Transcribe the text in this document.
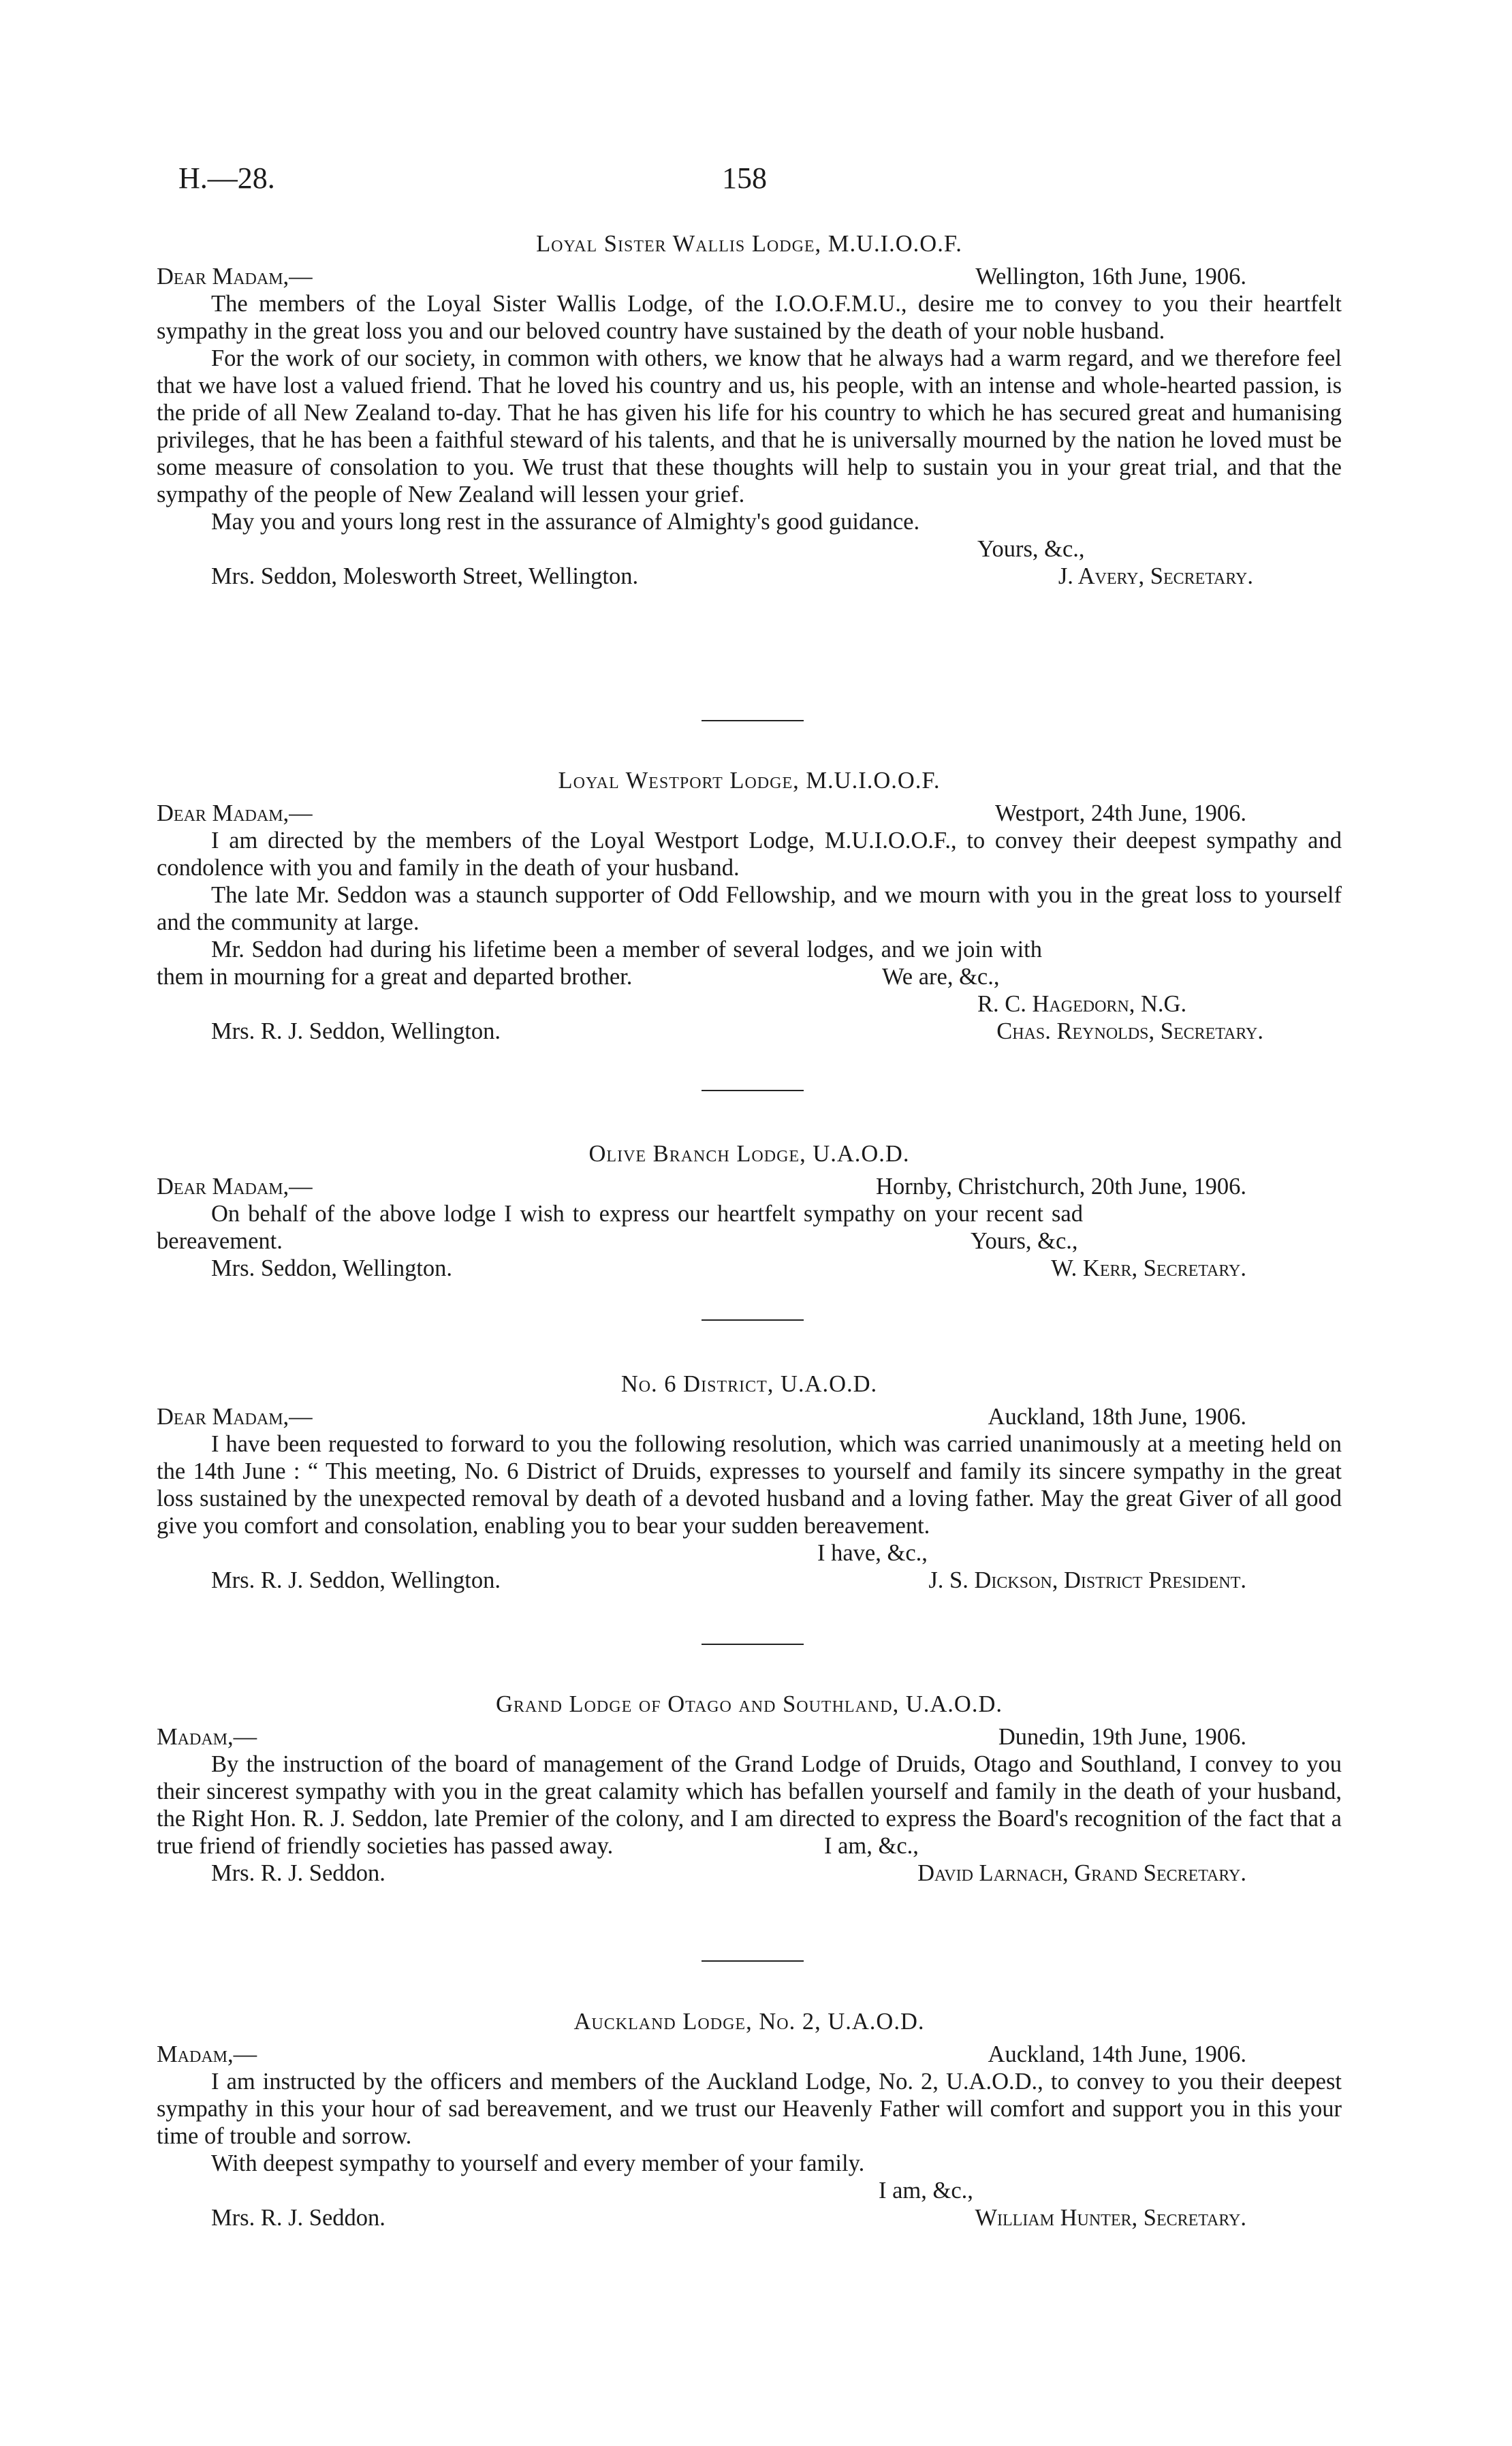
H.—28.	158
Loyal Sister Wallis Lodge, M.U.I.O.O.F.
Dear Madam,—	Wellington, 16th June, 1906.

The members of the Loyal Sister Wallis Lodge, of the I.O.O.F.M.U., desire me to convey to you their heartfelt sympathy in the great loss you and our beloved country have sustained by the death of your noble husband.

For the work of our society, in common with others, we know that he always had a warm regard, and we therefore feel that we have lost a valued friend. That he loved his country and us, his people, with an intense and whole-hearted passion, is the pride of all New Zealand to-day. That he has given his life for his country to which he has secured great and humanising privileges, that he has been a faithful steward of his talents, and that he is universally mourned by the nation he loved must be some measure of consolation to you. We trust that these thoughts will help to sustain you in your great trial, and that the sympathy of the people of New Zealand will lessen your grief.

May you and yours long rest in the assurance of Almighty's good guidance.

Yours, &c.,
Mrs. Seddon, Molesworth Street, Wellington.	J. Avery, Secretary.
Loyal Westport Lodge, M.U.I.O.O.F.
Dear Madam,—	Westport, 24th June, 1906.

I am directed by the members of the Loyal Westport Lodge, M.U.I.O.O.F., to convey their deepest sympathy and condolence with you and family in the death of your husband.

The late Mr. Seddon was a staunch supporter of Odd Fellowship, and we mourn with you in the great loss to yourself and the community at large.

Mr. Seddon had during his lifetime been a member of several lodges, and we join with them in mourning for a great and departed brother.	We are, &c.,
R. C. Hagedorn, N.G.
Mrs. R. J. Seddon, Wellington.	Chas. Reynolds, Secretary.
Olive Branch Lodge, U.A.O.D.
Dear Madam,—	Hornby, Christchurch, 20th June, 1906.

On behalf of the above lodge I wish to express our heartfelt sympathy on your recent sad bereavement.	Yours, &c.,
Mrs. Seddon, Wellington.	W. Kerr, Secretary.
No. 6 District, U.A.O.D.
Dear Madam,—	Auckland, 18th June, 1906.

I have been requested to forward to you the following resolution, which was carried unanimously at a meeting held on the 14th June : “ This meeting, No. 6 District of Druids, expresses to yourself and family its sincere sympathy in the great loss sustained by the unexpected removal by death of a devoted husband and a loving father. May the great Giver of all good give you comfort and consolation, enabling you to bear your sudden bereavement.

I have, &c.,
Mrs. R. J. Seddon, Wellington.	J. S. Dickson, District President.
Grand Lodge of Otago and Southland, U.A.O.D.
Madam,—	Dunedin, 19th June, 1906.

By the instruction of the board of management of the Grand Lodge of Druids, Otago and Southland, I convey to you their sincerest sympathy with you in the great calamity which has befallen yourself and family in the death of your husband, the Right Hon. R. J. Seddon, late Premier of the colony, and I am directed to express the Board's recognition of the fact that a true friend of friendly societies has passed away.	I am, &c.,
Mrs. R. J. Seddon.	David Larnach, Grand Secretary.
Auckland Lodge, No. 2, U.A.O.D.
Madam,—	Auckland, 14th June, 1906.

I am instructed by the officers and members of the Auckland Lodge, No. 2, U.A.O.D., to convey to you their deepest sympathy in this your hour of sad bereavement, and we trust our Heavenly Father will comfort and support you in this your time of trouble and sorrow.

With deepest sympathy to yourself and every member of your family.

I am, &c.,
Mrs. R. J. Seddon.	William Hunter, Secretary.
